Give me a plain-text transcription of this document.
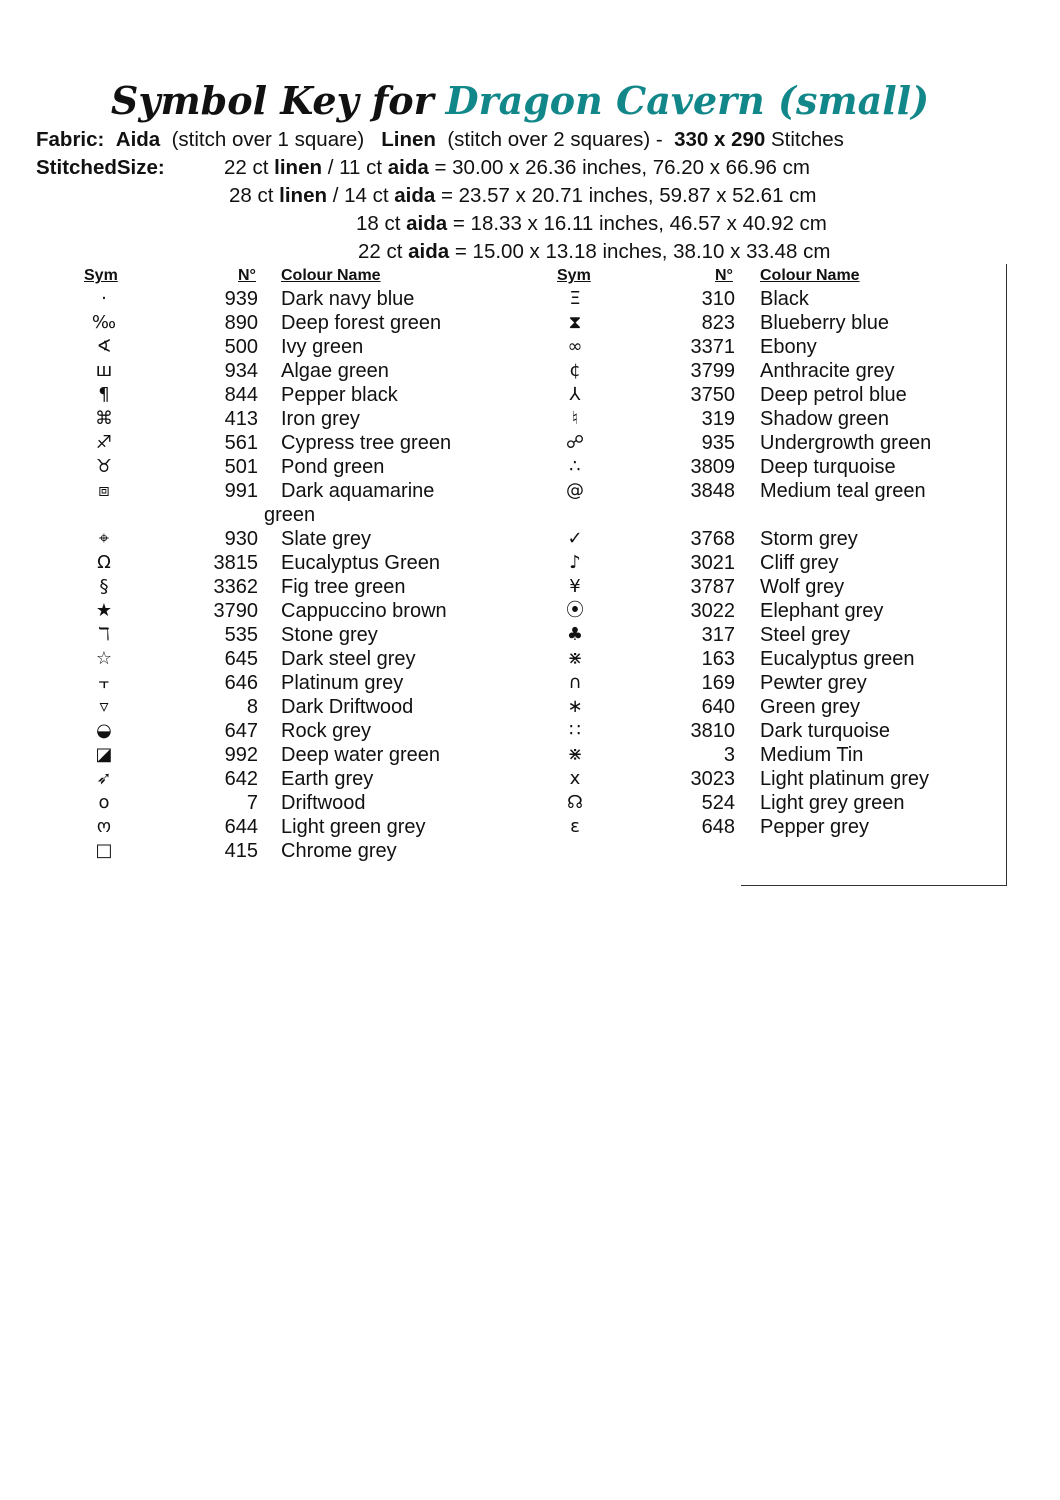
Symbol Key for Dragon Cavern (small)
Fabric: Aida (stitch over 1 square) Linen (stitch over 2 squares) - 330 x 290 Stitches
StitchedSize:	22 ct linen / 11 ct aida = 30.00 x 26.36 inches, 76.20 x 66.96 cm
28 ct linen / 14 ct aida = 23.57 x 20.71 inches, 59.87 x 52.61 cm
18 ct aida = 18.33 x 16.11 inches, 46.57 x 40.92 cm
22 ct aida = 15.00 x 13.18 inches, 38.10 x 33.48 cm
Sym	N° Colour Name	Sym	N° Colour Name
·	939 Dark navy blue
‰	890 Deep forest green
∢	500 Ivy green
ш	934 Algae green
¶	844 Pepper black
⌘	413 Iron grey
♐	561 Cypress tree green
♉	501 Pond green
⧈	991 Dark aquamarine
green
⌖	930 Slate grey
Ω	3815 Eucalyptus Green
§	3362 Fig tree green
★	3790 Cappuccino brown
ℸ	535 Stone grey
☆	645 Dark steel grey
⫟	646 Platinum grey
▿	8 Dark Driftwood
◒	647 Rock grey
◪	992 Deep water green
➶	642 Earth grey
o	7 Driftwood
ო	644 Light green grey
□	415 Chrome grey
Ξ	310 Black
⧗	823 Blueberry blue
∞	3371 Ebony
¢	3799 Anthracite grey
⅄	3750 Deep petrol blue
♮	319 Shadow green
☍	935 Undergrowth green
∴	3809 Deep turquoise
@	3848 Medium teal green
✓	3768 Storm grey
♪	3021 Cliff grey
¥	3787 Wolf grey
⦿	3022 Elephant grey
♣	317 Steel grey
⋇	163 Eucalyptus green
∩	169 Pewter grey
∗	640 Green grey
∷	3810 Dark turquoise
⋇	3 Medium Tin
x	3023 Light platinum grey
☊	524 Light grey green
ε	648 Pepper grey
